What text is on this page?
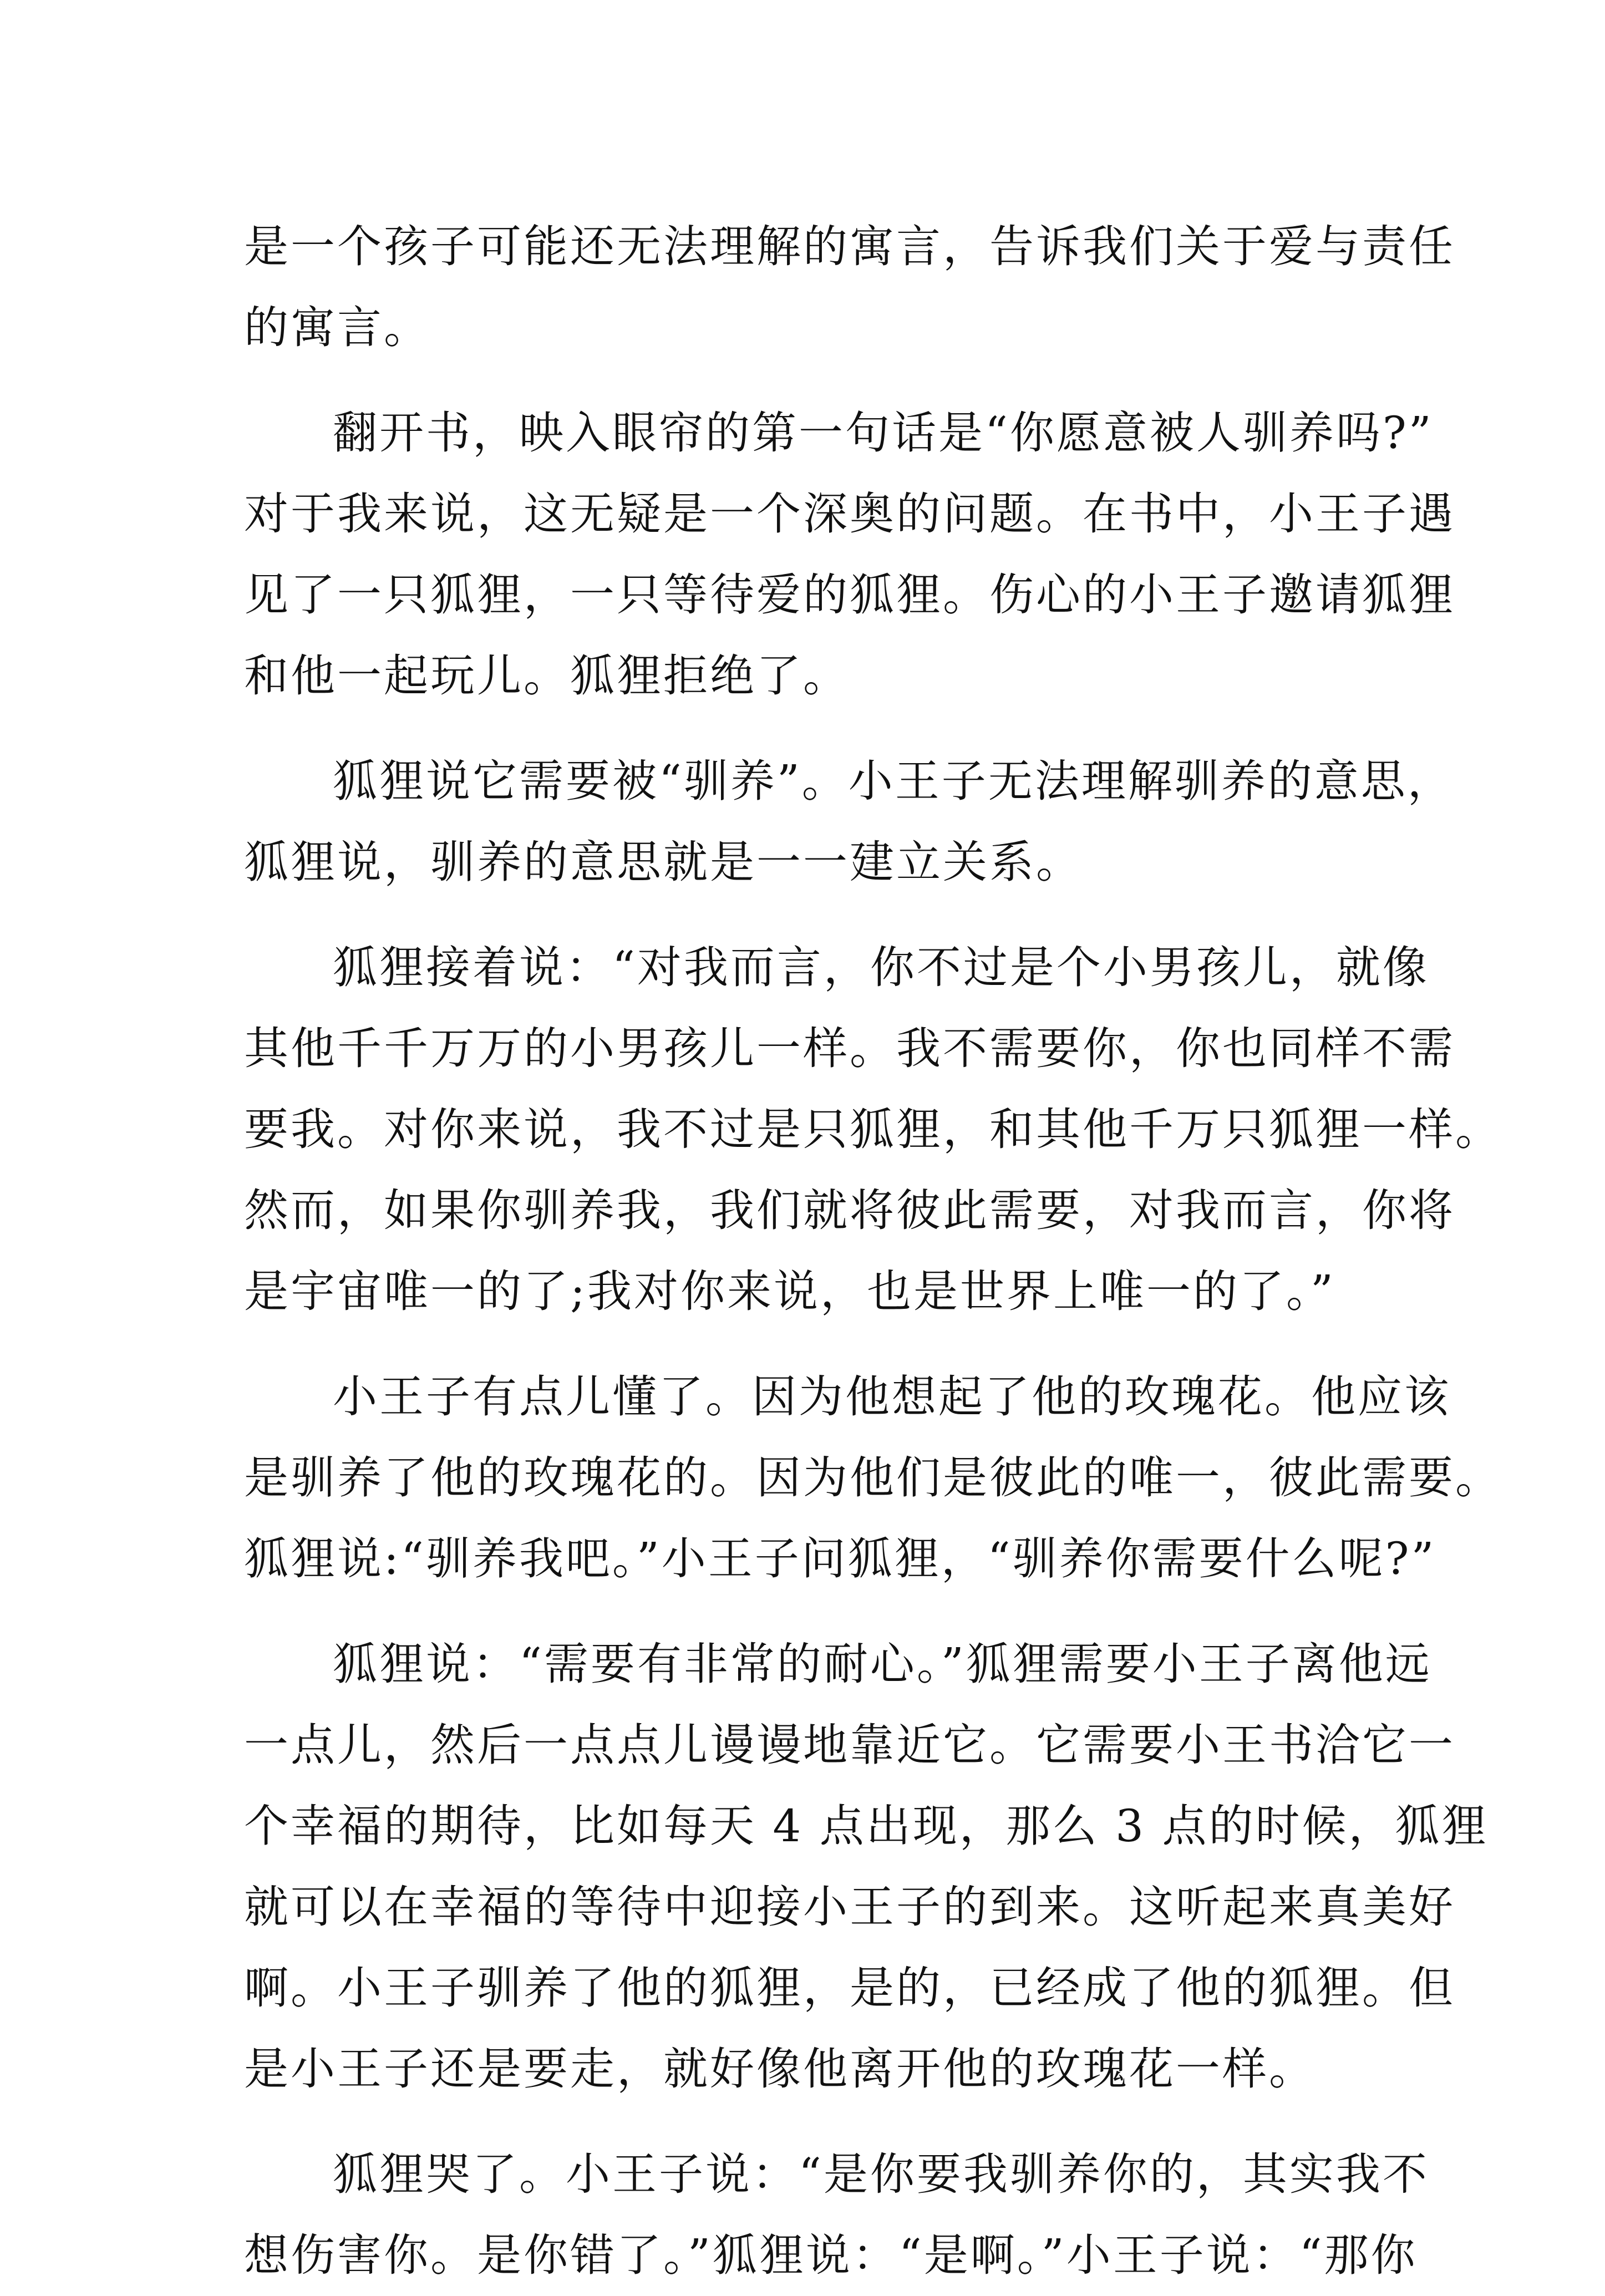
是一个孩子可能还无法理解的寓言，告诉我们关于爱与责任
的寓言。
翻开书，映入眼帘的第一句话是“你愿意被人驯养吗?”
对于我来说，这无疑是一个深奥的问题。在书中，小王子遇
见了一只狐狸，一只等待爱的狐狸。伤心的小王子邀请狐狸
和他一起玩儿。狐狸拒绝了。
狐狸说它需要被“驯养”。小王子无法理解驯养的意思，
狐狸说，驯养的意思就是一一建立关系。
狐狸接着说：“对我而言，你不过是个小男孩儿，就像
其他千千万万的小男孩儿一样。我不需要你，你也同样不需
要我。对你来说，我不过是只狐狸，和其他千万只狐狸一样。
然而，如果你驯养我，我们就将彼此需要，对我而言，你将
是宇宙唯一的了;我对你来说，也是世界上唯一的了。”
小王子有点儿懂了。因为他想起了他的玫瑰花。他应该
是驯养了他的玫瑰花的。因为他们是彼此的唯一，彼此需要。
狐狸说:“驯养我吧。”小王子问狐狸，“驯养你需要什么呢?”
狐狸说：“需要有非常的耐心。”狐狸需要小王子离他远
一点儿，然后一点点儿谩谩地靠近它。它需要小王书洽它一
个幸福的期待，比如每天 4 点出现，那么 3 点的时候，狐狸
就可以在幸福的等待中迎接小王子的到来。这听起来真美好
啊。小王子驯养了他的狐狸，是的，已经成了他的狐狸。但
是小王子还是要走，就好像他离开他的玫瑰花一样。
狐狸哭了。小王子说：“是你要我驯养你的，其实我不
想伤害你。是你错了。”狐狸说：“是啊。”小王子说：“那你
